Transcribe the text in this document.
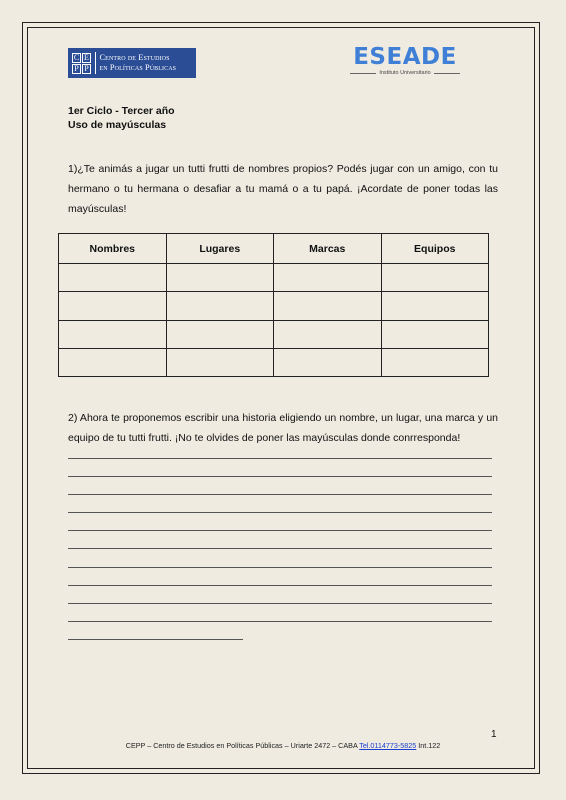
C E
P P
Centro de Estudios
en Políticas Públicas	ESEADE
Instituto Universitario
1er Ciclo - Tercer año
Uso de mayúsculas
1)¿Te animás a jugar un tutti frutti de nombres propios? Podés jugar con un amigo, con tu hermano o tu hermana o desafiar a tu mamá o a tu papá. ¡Acordate de poner todas las mayúsculas!
Nombres	Lugares	Marcas	Equipos

2) Ahora te proponemos escribir una historia eligiendo un nombre, un lugar, una marca y un equipo de tu tutti frutti. ¡No te olvides de poner las mayúsculas donde conrresponda!
1
CEPP – Centro de Estudios en Políticas Públicas – Uriarte 2472 – CABA Tel.0114773-5825 Int.122
